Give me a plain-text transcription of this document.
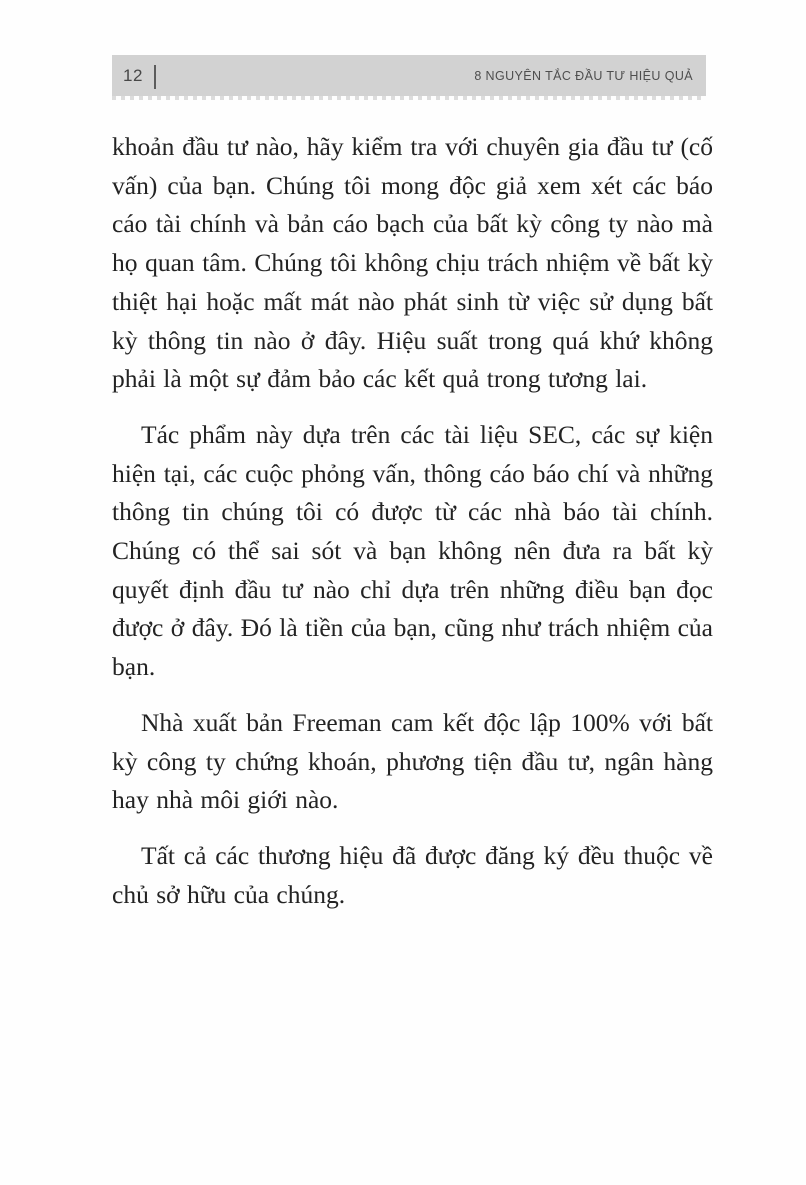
12	8 NGUYÊN TẮC ĐẦU TƯ HIỆU QUẢ

khoản đầu tư nào, hãy kiểm tra với chuyên gia đầu tư (cố vấn) của bạn. Chúng tôi mong độc giả xem xét các báo cáo tài chính và bản cáo bạch của bất kỳ công ty nào mà họ quan tâm. Chúng tôi không chịu trách nhiệm về bất kỳ thiệt hại hoặc mất mát nào phát sinh từ việc sử dụng bất kỳ thông tin nào ở đây. Hiệu suất trong quá khứ không phải là một sự đảm bảo các kết quả trong tương lai.

Tác phẩm này dựa trên các tài liệu SEC, các sự kiện hiện tại, các cuộc phỏng vấn, thông cáo báo chí và những thông tin chúng tôi có được từ các nhà báo tài chính. Chúng có thể sai sót và bạn không nên đưa ra bất kỳ quyết định đầu tư nào chỉ dựa trên những điều bạn đọc được ở đây. Đó là tiền của bạn, cũng như trách nhiệm của bạn.

Nhà xuất bản Freeman cam kết độc lập 100% với bất kỳ công ty chứng khoán, phương tiện đầu tư, ngân hàng hay nhà môi giới nào.

Tất cả các thương hiệu đã được đăng ký đều thuộc về chủ sở hữu của chúng.
